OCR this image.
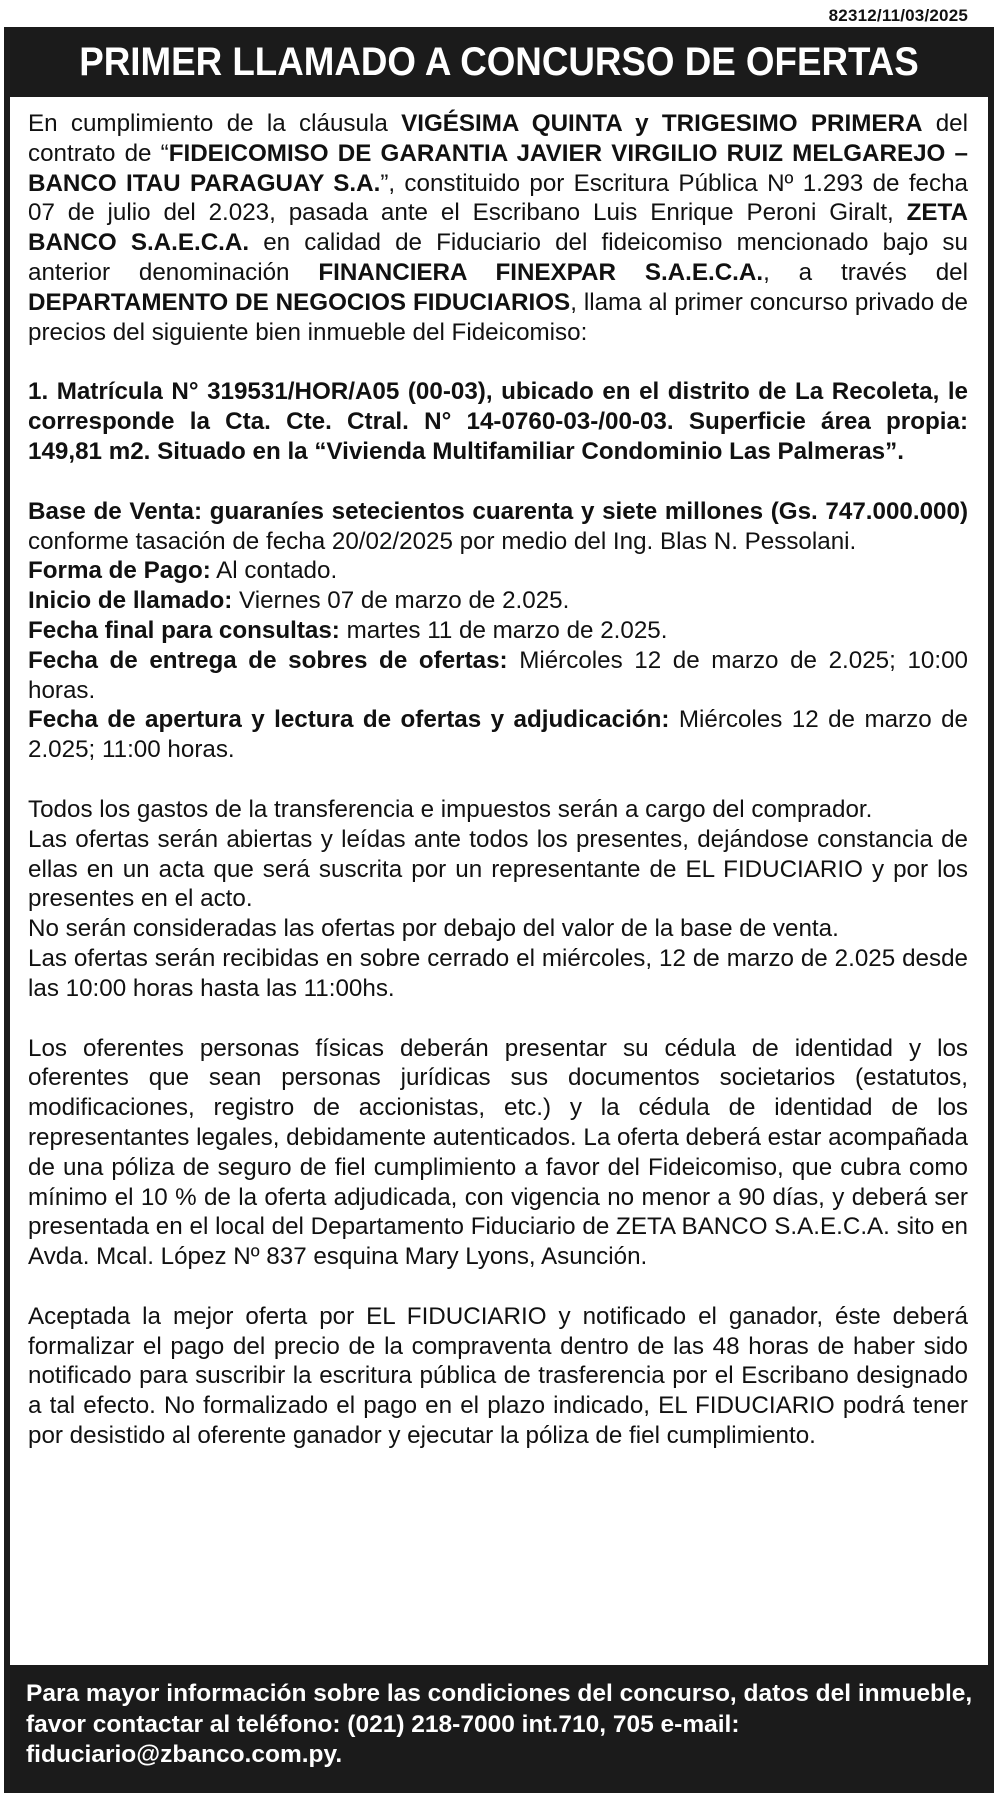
82312/11/03/2025
PRIMER LLAMADO A CONCURSO DE OFERTAS

En cumplimiento de la cláusula VIGÉSIMA QUINTA y TRIGESIMO PRIMERA del contrato de “FIDEICOMISO DE GARANTIA JAVIER VIRGILIO RUIZ MELGAREJO – BANCO ITAU PARAGUAY S.A.”, constituido por Escritura Pública Nº 1.293 de fecha 07 de julio del 2.023, pasada ante el Escribano Luis Enrique Peroni Giralt, ZETA BANCO S.A.E.C.A. en calidad de Fiduciario del fideicomiso mencionado bajo su anterior denominación FINANCIERA FINEXPAR S.A.E.C.A., a través del DEPARTAMENTO DE NEGOCIOS FIDUCIARIOS, llama al primer concurso privado de precios del siguiente bien inmueble del Fideicomiso:

1. Matrícula N° 319531/HOR/A05 (00-03), ubicado en el distrito de La Recoleta, le corresponde la Cta. Cte. Ctral. N° 14-0760-03-/00-03. Superficie área propia: 149,81 m2. Situado en la “Vivienda Multifamiliar Condominio Las Palmeras”.

Base de Venta: guaraníes setecientos cuarenta y siete millones (Gs. 747.000.000) conforme tasación de fecha 20/02/2025 por medio del Ing. Blas N. Pessolani.

Forma de Pago: Al contado.

Inicio de llamado: Viernes 07 de marzo de 2.025.

Fecha final para consultas: martes 11 de marzo de 2.025.

Fecha de entrega de sobres de ofertas: Miércoles 12 de marzo de 2.025; 10:00 horas.

Fecha de apertura y lectura de ofertas y adjudicación: Miércoles 12 de marzo de 2.025; 11:00 horas.

Todos los gastos de la transferencia e impuestos serán a cargo del comprador.

Las ofertas serán abiertas y leídas ante todos los presentes, dejándose constancia de ellas en un acta que será suscrita por un representante de EL FIDUCIARIO y por los presentes en el acto.

No serán consideradas las ofertas por debajo del valor de la base de venta.

Las ofertas serán recibidas en sobre cerrado el miércoles, 12 de marzo de 2.025 desde las 10:00 horas hasta las 11:00hs.

Los oferentes personas físicas deberán presentar su cédula de identidad y los oferentes que sean personas jurídicas sus documentos societarios (estatutos, modificaciones, registro de accionistas, etc.) y la cédula de identidad de los representantes legales, debidamente autenticados. La oferta deberá estar acompañada de una póliza de seguro de fiel cumplimiento a favor del Fideicomiso, que cubra como mínimo el 10 % de la oferta adjudicada, con vigencia no menor a 90 días, y deberá ser presentada en el local del Departamento Fiduciario de ZETA BANCO S.A.E.C.A. sito en Avda. Mcal. López Nº 837 esquina Mary Lyons, Asunción.

Aceptada la mejor oferta por EL FIDUCIARIO y notificado el ganador, éste deberá formalizar el pago del precio de la compraventa dentro de las 48 horas de haber sido notificado para suscribir la escritura pública de trasferencia por el Escribano designado a tal efecto. No formalizado el pago en el plazo indicado, EL FIDUCIARIO podrá tener por desistido al oferente ganador y ejecutar la póliza de fiel cumplimiento.

Para mayor información sobre las condiciones del concurso, datos del inmueble, favor contactar al teléfono: (021) 218-7000 int.710, 705 e-mail: fiduciario@zbanco.com.py.
